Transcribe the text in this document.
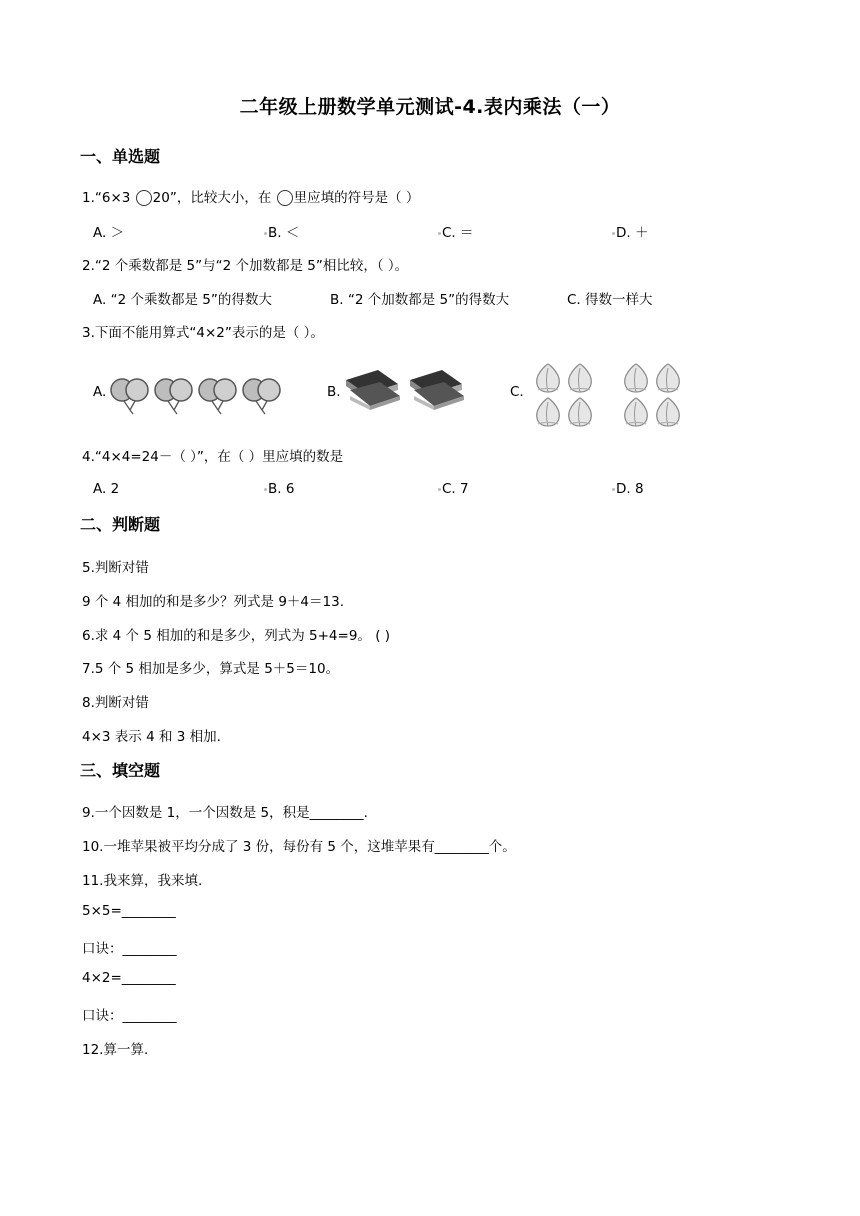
二年级上册数学单元测试-4.表内乘法（一）
一、单选题
1.“6×3 20”，比较大小，在 里应填的符号是（ ）
A. ＞	B. ＜	C. ＝	D. ＋
2.“2 个乘数都是 5”与“2 个加数都是 5”相比较，（ ）。
A. “2 个乘数都是 5”的得数大	B. “2 个加数都是 5”的得数大	C. 得数一样大
3.下面不能用算式“4×2”表示的是（ ）。
A.	B.	C.
4.“4×4=24－（ ）”，在（ ）里应填的数是
A. 2	B. 6	C. 7	D. 8
二、判断题
5.判断对错
9 个 4 相加的和是多少？列式是 9＋4＝13.
6.求 4 个 5 相加的和是多少，列式为 5+4=9。 ( )
7.5 个 5 相加是多少，算式是 5＋5＝10。
8.判断对错
4×3 表示 4 和 3 相加.
三、填空题
9.一个因数是 1，一个因数是 5，积是________.
10.一堆苹果被平均分成了 3 份，每份有 5 个，这堆苹果有________个。
11.我来算，我来填.
5×5=________
口诀：________
4×2=________
口诀：________
12.算一算.
